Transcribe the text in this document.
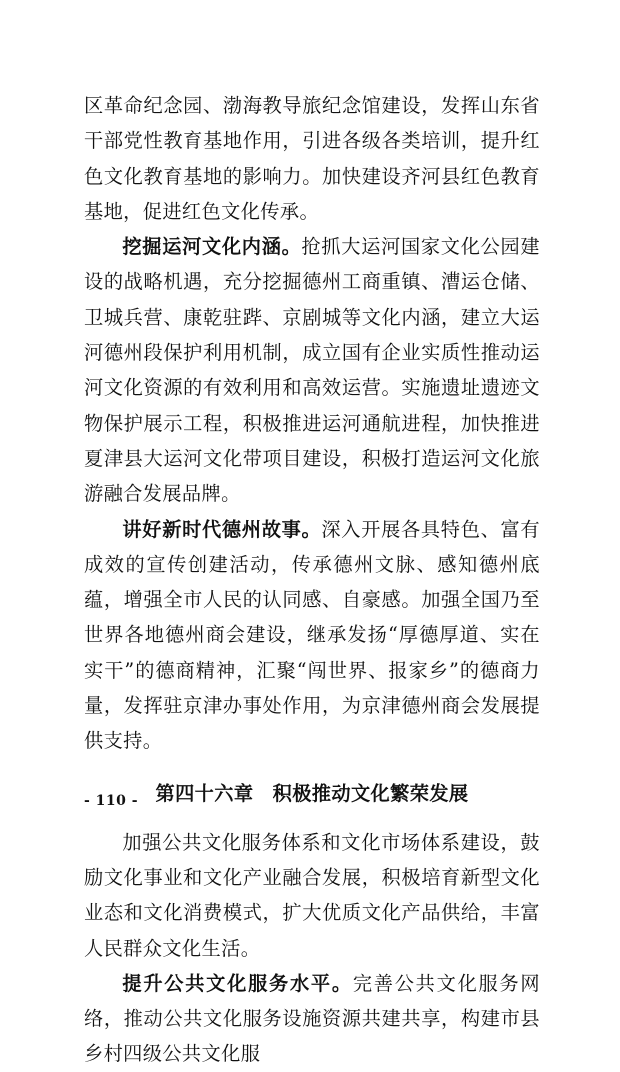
区革命纪念园、渤海教导旅纪念馆建设，发挥山东省干部党性教育基地作用，引进各级各类培训，提升红色文化教育基地的影响力。加快建设齐河县红色教育基地，促进红色文化传承。

挖掘运河文化内涵。抢抓大运河国家文化公园建设的战略机遇，充分挖掘德州工商重镇、漕运仓储、卫城兵营、康乾驻跸、京剧城等文化内涵，建立大运河德州段保护利用机制，成立国有企业实质性推动运河文化资源的有效利用和高效运营。实施遗址遗迹文物保护展示工程，积极推进运河通航进程，加快推进夏津县大运河文化带项目建设，积极打造运河文化旅游融合发展品牌。

讲好新时代德州故事。深入开展各具特色、富有成效的宣传创建活动，传承德州文脉、感知德州底蕴，增强全市人民的认同感、自豪感。加强全国乃至世界各地德州商会建设，继承发扬“厚德厚道、实在实干”的德商精神，汇聚“闯世界、报家乡”的德商力量，发挥驻京津办事处作用，为京津德州商会发展提供支持。

第四十六章 积极推动文化繁荣发展

加强公共文化服务体系和文化市场体系建设，鼓励文化事业和文化产业融合发展，积极培育新型文化业态和文化消费模式，扩大优质文化产品供给，丰富人民群众文化生活。

提升公共文化服务水平。完善公共文化服务网络，推动公共文化服务设施资源共建共享，构建市县乡村四级公共文化服

- 110 -
